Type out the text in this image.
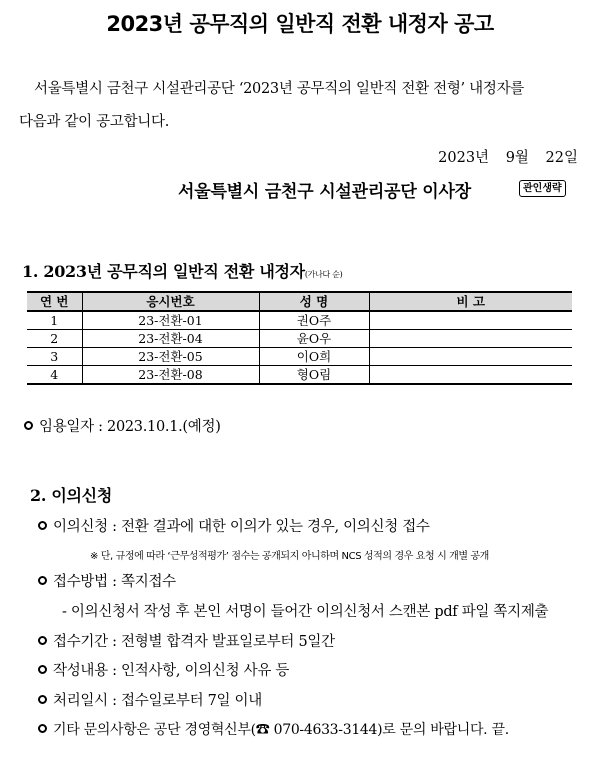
2023년 공무직의 일반직 전환 내정자 공고
서울특별시 금천구 시설관리공단 ‘2023년 공무직의 일반직 전환 전형’ 내정자를
다음과 같이 공고합니다.
2023년 9월 22일
서울특별시 금천구 시설관리공단 이사장	관인생략
1. 2023년 공무직의 일반직 전환 내정자(가나다 순)
연 번	응시번호	성 명	비 고
1	23-전환-01	권O주	
2	23-전환-04	윤O우	
3	23-전환-05	이O희	
4	23-전환-08	형O림	
임용일자 : 2023.10.1.(예정)
2. 이의신청
이의신청 : 전환 결과에 대한 이의가 있는 경우, 이의신청 접수
※ 단, 규정에 따라 ‘근무성적평가’ 점수는 공개되지 아니하며 NCS 성적의 경우 요청 시 개별 공개
접수방법 : 쪽지접수
- 이의신청서 작성 후 본인 서명이 들어간 이의신청서 스캔본 pdf 파일 쪽지제출
접수기간 : 전형별 합격자 발표일로부터 5일간
작성내용 : 인적사항, 이의신청 사유 등
처리일시 : 접수일로부터 7일 이내
기타 문의사항은 공단 경영혁신부(☎ 070-4633-3144)로 문의 바랍니다. 끝.
